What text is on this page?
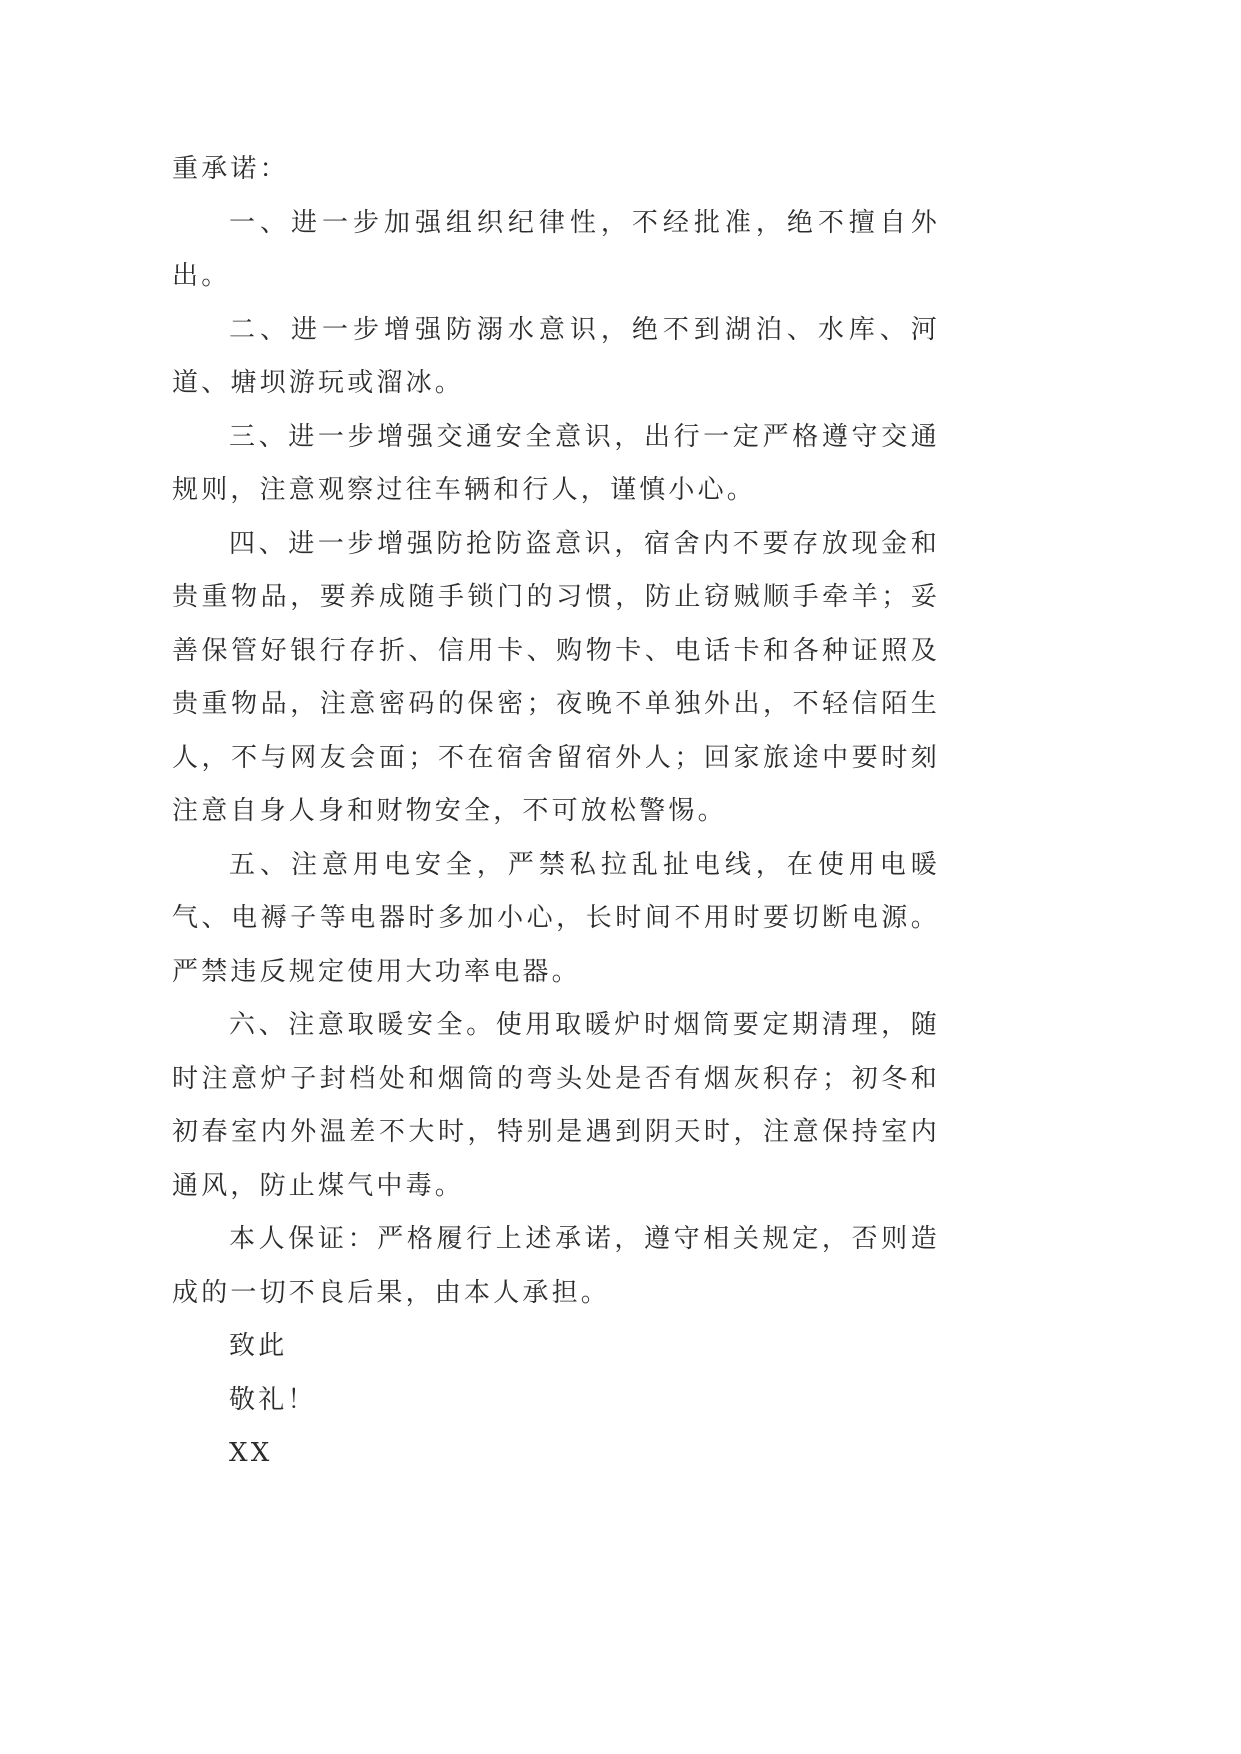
重承诺：

一、进一步加强组织纪律性，不经批准，绝不擅自外出。

二、进一步增强防溺水意识，绝不到湖泊、水库、河道、塘坝游玩或溜冰。

三、进一步增强交通安全意识，出行一定严格遵守交通规则，注意观察过往车辆和行人，谨慎小心。

四、进一步增强防抢防盗意识，宿舍内不要存放现金和贵重物品，要养成随手锁门的习惯，防止窃贼顺手牵羊；妥善保管好银行存折、信用卡、购物卡、电话卡和各种证照及贵重物品，注意密码的保密；夜晚不单独外出，不轻信陌生人，不与网友会面；不在宿舍留宿外人；回家旅途中要时刻注意自身人身和财物安全，不可放松警惕。

五、注意用电安全，严禁私拉乱扯电线，在使用电暖气、电褥子等电器时多加小心，长时间不用时要切断电源。严禁违反规定使用大功率电器。

六、注意取暖安全。使用取暖炉时烟筒要定期清理，随时注意炉子封档处和烟筒的弯头处是否有烟灰积存；初冬和初春室内外温差不大时，特别是遇到阴天时，注意保持室内通风，防止煤气中毒。

本人保证：严格履行上述承诺，遵守相关规定，否则造成的一切不良后果，由本人承担。

致此

敬礼！

XX
